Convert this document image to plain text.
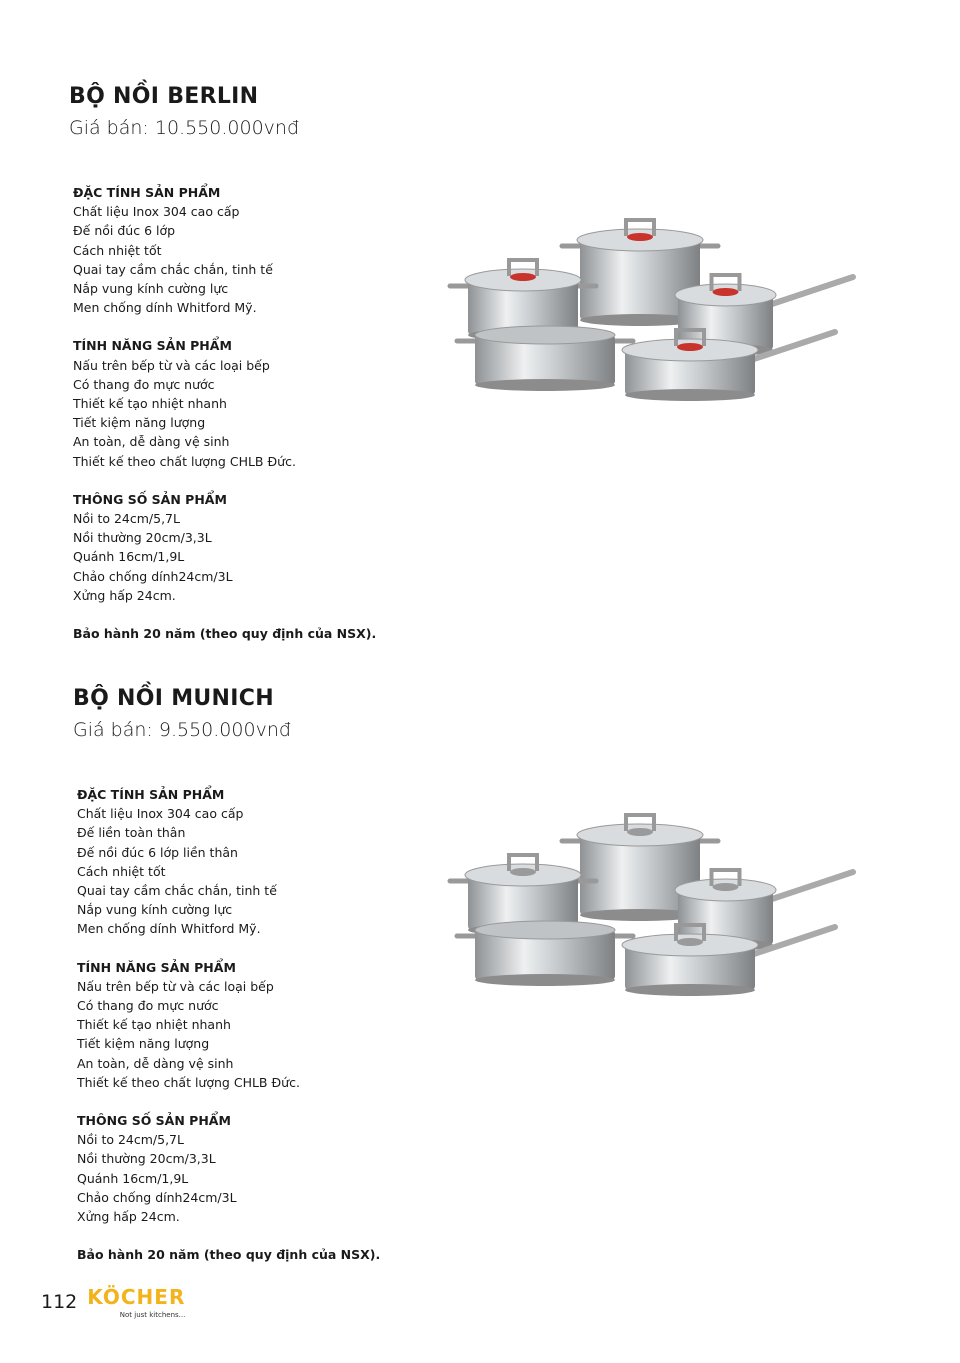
BỘ NỒI BERLIN
Giá bán: 10.550.000vnđ
ĐẶC TÍNH SẢN PHẨM
Chất liệu Inox 304 cao cấp
Đế nồi đúc 6 lớp
Cách nhiệt tốt
Quai tay cầm chắc chắn, tinh tế
Nắp vung kính cường lực
Men chống dính Whitford Mỹ.
TÍNH NĂNG SẢN PHẨM
Nấu trên bếp từ và các loại bếp
Có thang đo mực nước
Thiết kế tạo nhiệt nhanh
Tiết kiệm năng lượng
An toàn, dễ dàng vệ sinh
Thiết kế theo chất lượng CHLB Đức.
THÔNG SỐ SẢN PHẨM
Nồi to 24cm/5,7L
Nồi thường 20cm/3,3L
Quánh 16cm/1,9L
Chảo chống dính24cm/3L
Xửng hấp 24cm.
Bảo hành 20 năm (theo quy định của NSX).
BỘ NỒI MUNICH
Giá bán: 9.550.000vnđ
ĐẶC TÍNH SẢN PHẨM
Chất liệu Inox 304 cao cấp
Đế liền toàn thân
Đế nồi đúc 6 lớp liền thân
Cách nhiệt tốt
Quai tay cầm chắc chắn, tinh tế
Nắp vung kính cường lực
Men chống dính Whitford Mỹ.
TÍNH NĂNG SẢN PHẨM
Nấu trên bếp từ và các loại bếp
Có thang đo mực nước
Thiết kế tạo nhiệt nhanh
Tiết kiệm năng lượng
An toàn, dễ dàng vệ sinh
Thiết kế theo chất lượng CHLB Đức.
THÔNG SỐ SẢN PHẨM
Nồi to 24cm/5,7L
Nồi thường 20cm/3,3L
Quánh 16cm/1,9L
Chảo chống dính24cm/3L
Xửng hấp 24cm.
Bảo hành 20 năm (theo quy định của NSX).
112 KÖCHER
Not just kitchens...
